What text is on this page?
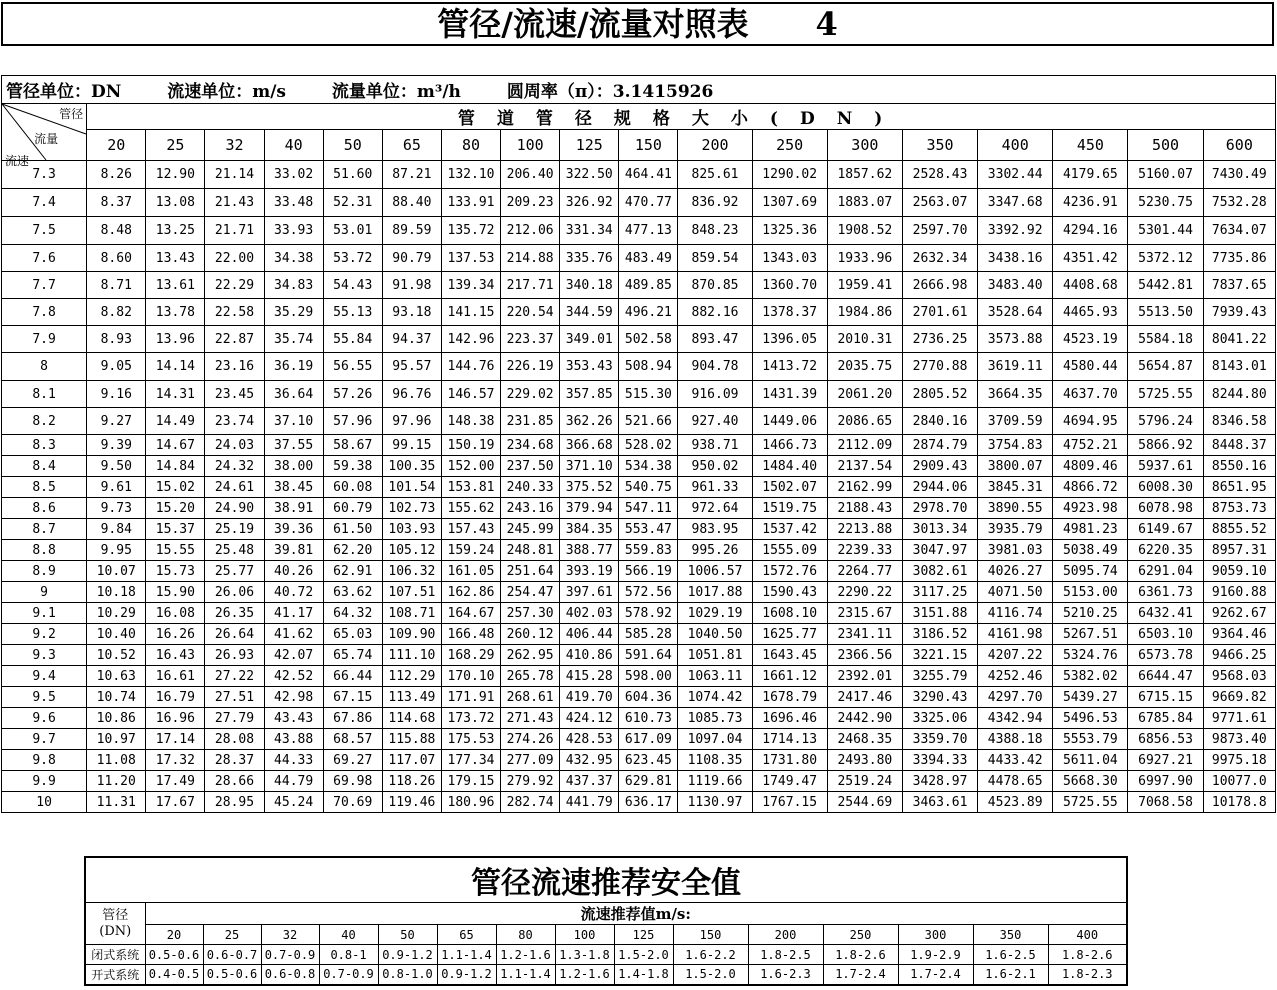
管径/流速/流量对照表      4
管径单位：DN 流速单位：m/s 流量单位：m³/h 圆周率（π）：3.1415926																		

管径
流量
流速	管道管径规格大小(DN)																	
	20	25	32	40	50	65	80	100	125	150	200	250	300	350	400	450	500	600
7.3	8.26	12.90	21.14	33.02	51.60	87.21	132.10	206.40	322.50	464.41	825.61	1290.02	1857.62	2528.43	3302.44	4179.65	5160.07	7430.49
7.4	8.37	13.08	21.43	33.48	52.31	88.40	133.91	209.23	326.92	470.77	836.92	1307.69	1883.07	2563.07	3347.68	4236.91	5230.75	7532.28
7.5	8.48	13.25	21.71	33.93	53.01	89.59	135.72	212.06	331.34	477.13	848.23	1325.36	1908.52	2597.70	3392.92	4294.16	5301.44	7634.07
7.6	8.60	13.43	22.00	34.38	53.72	90.79	137.53	214.88	335.76	483.49	859.54	1343.03	1933.96	2632.34	3438.16	4351.42	5372.12	7735.86
7.7	8.71	13.61	22.29	34.83	54.43	91.98	139.34	217.71	340.18	489.85	870.85	1360.70	1959.41	2666.98	3483.40	4408.68	5442.81	7837.65
7.8	8.82	13.78	22.58	35.29	55.13	93.18	141.15	220.54	344.59	496.21	882.16	1378.37	1984.86	2701.61	3528.64	4465.93	5513.50	7939.43
7.9	8.93	13.96	22.87	35.74	55.84	94.37	142.96	223.37	349.01	502.58	893.47	1396.05	2010.31	2736.25	3573.88	4523.19	5584.18	8041.22
8	9.05	14.14	23.16	36.19	56.55	95.57	144.76	226.19	353.43	508.94	904.78	1413.72	2035.75	2770.88	3619.11	4580.44	5654.87	8143.01
8.1	9.16	14.31	23.45	36.64	57.26	96.76	146.57	229.02	357.85	515.30	916.09	1431.39	2061.20	2805.52	3664.35	4637.70	5725.55	8244.80
8.2	9.27	14.49	23.74	37.10	57.96	97.96	148.38	231.85	362.26	521.66	927.40	1449.06	2086.65	2840.16	3709.59	4694.95	5796.24	8346.58
8.3	9.39	14.67	24.03	37.55	58.67	99.15	150.19	234.68	366.68	528.02	938.71	1466.73	2112.09	2874.79	3754.83	4752.21	5866.92	8448.37
8.4	9.50	14.84	24.32	38.00	59.38	100.35	152.00	237.50	371.10	534.38	950.02	1484.40	2137.54	2909.43	3800.07	4809.46	5937.61	8550.16
8.5	9.61	15.02	24.61	38.45	60.08	101.54	153.81	240.33	375.52	540.75	961.33	1502.07	2162.99	2944.06	3845.31	4866.72	6008.30	8651.95
8.6	9.73	15.20	24.90	38.91	60.79	102.73	155.62	243.16	379.94	547.11	972.64	1519.75	2188.43	2978.70	3890.55	4923.98	6078.98	8753.73
8.7	9.84	15.37	25.19	39.36	61.50	103.93	157.43	245.99	384.35	553.47	983.95	1537.42	2213.88	3013.34	3935.79	4981.23	6149.67	8855.52
8.8	9.95	15.55	25.48	39.81	62.20	105.12	159.24	248.81	388.77	559.83	995.26	1555.09	2239.33	3047.97	3981.03	5038.49	6220.35	8957.31
8.9	10.07	15.73	25.77	40.26	62.91	106.32	161.05	251.64	393.19	566.19	1006.57	1572.76	2264.77	3082.61	4026.27	5095.74	6291.04	9059.10
9	10.18	15.90	26.06	40.72	63.62	107.51	162.86	254.47	397.61	572.56	1017.88	1590.43	2290.22	3117.25	4071.50	5153.00	6361.73	9160.88
9.1	10.29	16.08	26.35	41.17	64.32	108.71	164.67	257.30	402.03	578.92	1029.19	1608.10	2315.67	3151.88	4116.74	5210.25	6432.41	9262.67
9.2	10.40	16.26	26.64	41.62	65.03	109.90	166.48	260.12	406.44	585.28	1040.50	1625.77	2341.11	3186.52	4161.98	5267.51	6503.10	9364.46
9.3	10.52	16.43	26.93	42.07	65.74	111.10	168.29	262.95	410.86	591.64	1051.81	1643.45	2366.56	3221.15	4207.22	5324.76	6573.78	9466.25
9.4	10.63	16.61	27.22	42.52	66.44	112.29	170.10	265.78	415.28	598.00	1063.11	1661.12	2392.01	3255.79	4252.46	5382.02	6644.47	9568.03
9.5	10.74	16.79	27.51	42.98	67.15	113.49	171.91	268.61	419.70	604.36	1074.42	1678.79	2417.46	3290.43	4297.70	5439.27	6715.15	9669.82
9.6	10.86	16.96	27.79	43.43	67.86	114.68	173.72	271.43	424.12	610.73	1085.73	1696.46	2442.90	3325.06	4342.94	5496.53	6785.84	9771.61
9.7	10.97	17.14	28.08	43.88	68.57	115.88	175.53	274.26	428.53	617.09	1097.04	1714.13	2468.35	3359.70	4388.18	5553.79	6856.53	9873.40
9.8	11.08	17.32	28.37	44.33	69.27	117.07	177.34	277.09	432.95	623.45	1108.35	1731.80	2493.80	3394.33	4433.42	5611.04	6927.21	9975.18
9.9	11.20	17.49	28.66	44.79	69.98	118.26	179.15	279.92	437.37	629.81	1119.66	1749.47	2519.24	3428.97	4478.65	5668.30	6997.90	10077.0
10	11.31	17.67	28.95	45.24	70.69	119.46	180.96	282.74	441.79	636.17	1130.97	1767.15	2544.69	3463.61	4523.89	5725.55	7068.58	10178.8
管径流速推荐安全值															

管径
(DN)	流速推荐值m/s:														
	20	25	32	40	50	65	80	100	125	150	200	250	300	350	400
闭式系统	0.5-0.6	0.6-0.7	0.7-0.9	0.8-1	0.9-1.2	1.1-1.4	1.2-1.6	1.3-1.8	1.5-2.0	1.6-2.2	1.8-2.5	1.8-2.6	1.9-2.9	1.6-2.5	1.8-2.6
开式系统	0.4-0.5	0.5-0.6	0.6-0.8	0.7-0.9	0.8-1.0	0.9-1.2	1.1-1.4	1.2-1.6	1.4-1.8	1.5-2.0	1.6-2.3	1.7-2.4	1.7-2.4	1.6-2.1	1.8-2.3
